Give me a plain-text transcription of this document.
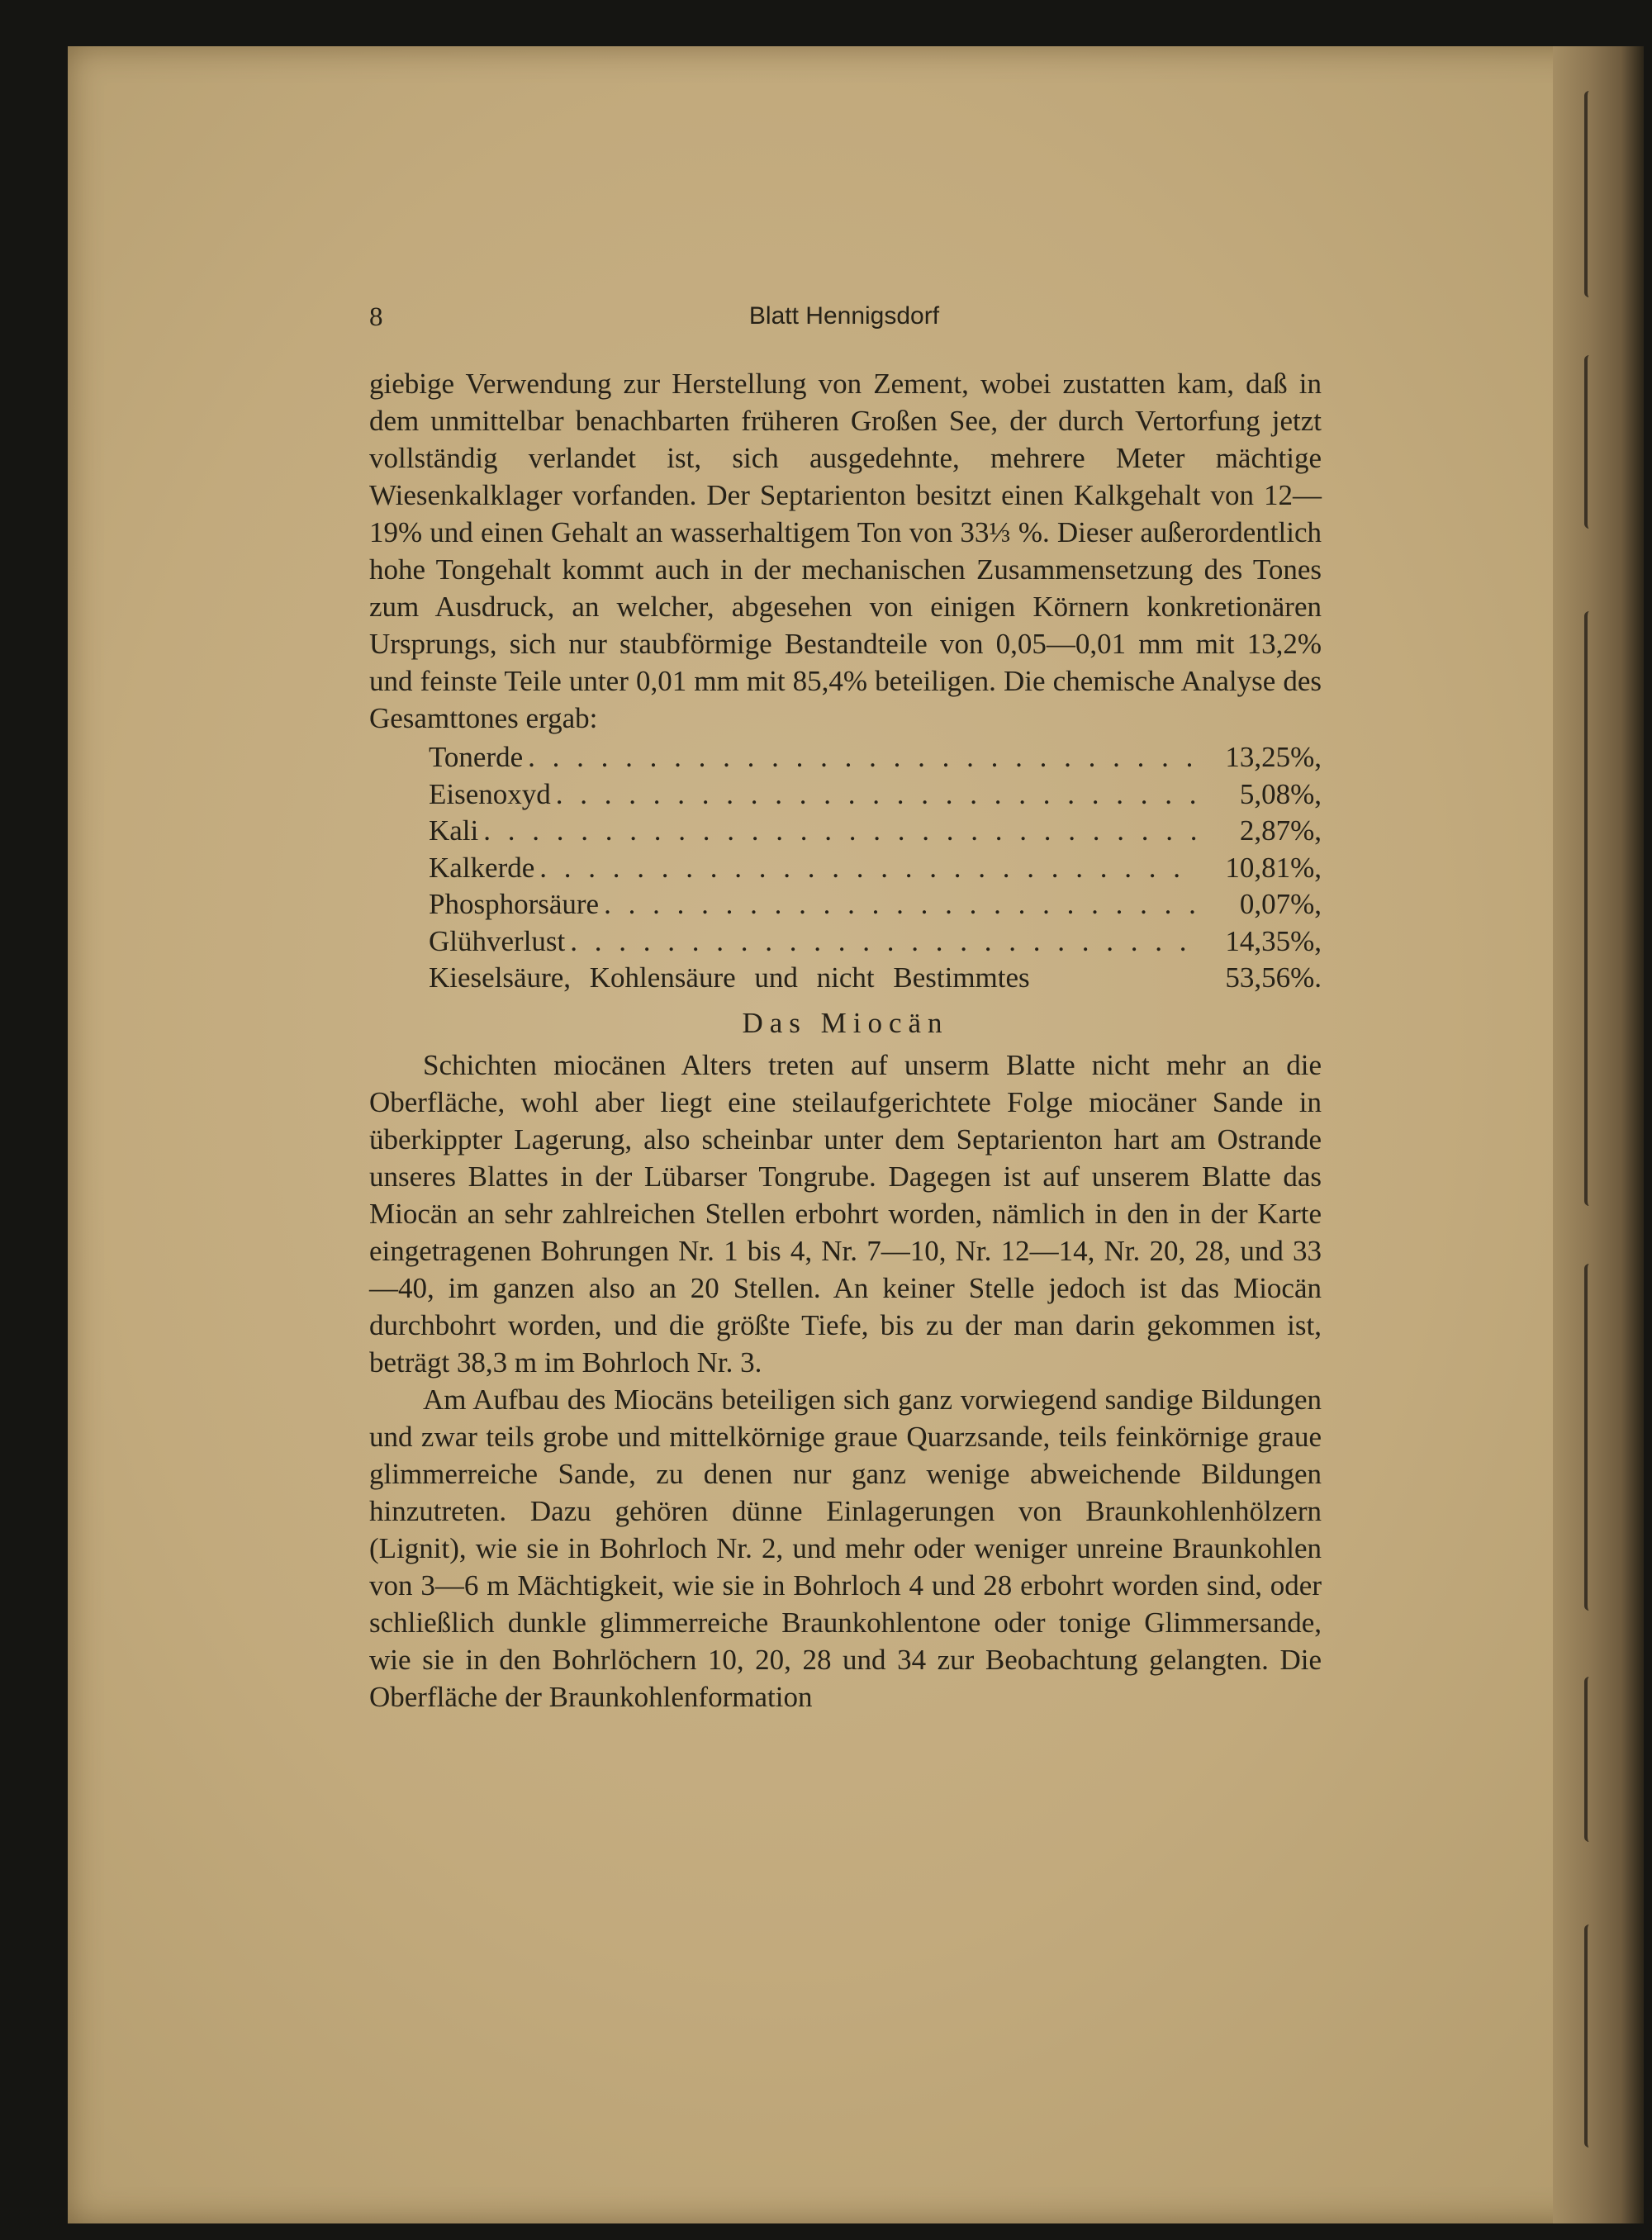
8	Blatt Hennigsdorf

giebige Verwendung zur Herstellung von Zement, wobei zustatten kam, daß in dem unmittelbar benachbarten früheren Großen See, der durch Vertorfung jetzt vollständig verlandet ist, sich ausgedehnte, mehrere Meter mächtige Wiesenkalklager vorfanden. Der Septarienton besitzt einen Kalkgehalt von 12—19% und einen Gehalt an wasserhaltigem Ton von 33⅓ %. Dieser außerordentlich hohe Tongehalt kommt auch in der mechanischen Zusammensetzung des Tones zum Ausdruck, an welcher, abgesehen von einigen Körnern konkretionären Ursprungs, sich nur staubförmige Bestandteile von 0,05—0,01 mm mit 13,2% und feinste Teile unter 0,01 mm mit 85,4% beteiligen. Die chemische Analyse des Gesamttones ergab:

Tonerde . . .	13,25%,
Eisenoxyd . . .	5,08%,
Kali . . .	2,87%,
Kalkerde . . .	10,81%,
Phosphorsäure . . .	0,07%,
Glühverlust . . .	14,35%,
Kieselsäure, Kohlensäure und nicht Bestimmtes	53,56%.
Das Miocän

Schichten miocänen Alters treten auf unserm Blatte nicht mehr an die Oberfläche, wohl aber liegt eine steilaufgerichtete Folge miocäner Sande in überkippter Lagerung, also scheinbar unter dem Septarienton hart am Ostrande unseres Blattes in der Lübarser Tongrube. Dagegen ist auf unserem Blatte das Miocän an sehr zahlreichen Stellen erbohrt worden, nämlich in den in der Karte eingetragenen Bohrungen Nr. 1 bis 4, Nr. 7—10, Nr. 12—14, Nr. 20, 28, und 33—40, im ganzen also an 20 Stellen. An keiner Stelle jedoch ist das Miocän durchbohrt worden, und die größte Tiefe, bis zu der man darin gekommen ist, beträgt 38,3 m im Bohrloch Nr. 3.

Am Aufbau des Miocäns beteiligen sich ganz vorwiegend sandige Bildungen und zwar teils grobe und mittelkörnige graue Quarzsande, teils feinkörnige graue glimmerreiche Sande, zu denen nur ganz wenige abweichende Bildungen hinzutreten. Dazu gehören dünne Einlagerungen von Braunkohlenhölzern (Lignit), wie sie in Bohrloch Nr. 2, und mehr oder weniger unreine Braunkohlen von 3—6 m Mächtigkeit, wie sie in Bohrloch 4 und 28 erbohrt worden sind, oder schließlich dunkle glimmerreiche Braunkohlentone oder tonige Glimmersande, wie sie in den Bohrlöchern 10, 20, 28 und 34 zur Beobachtung gelangten. Die Oberfläche der Braunkohlenformation
